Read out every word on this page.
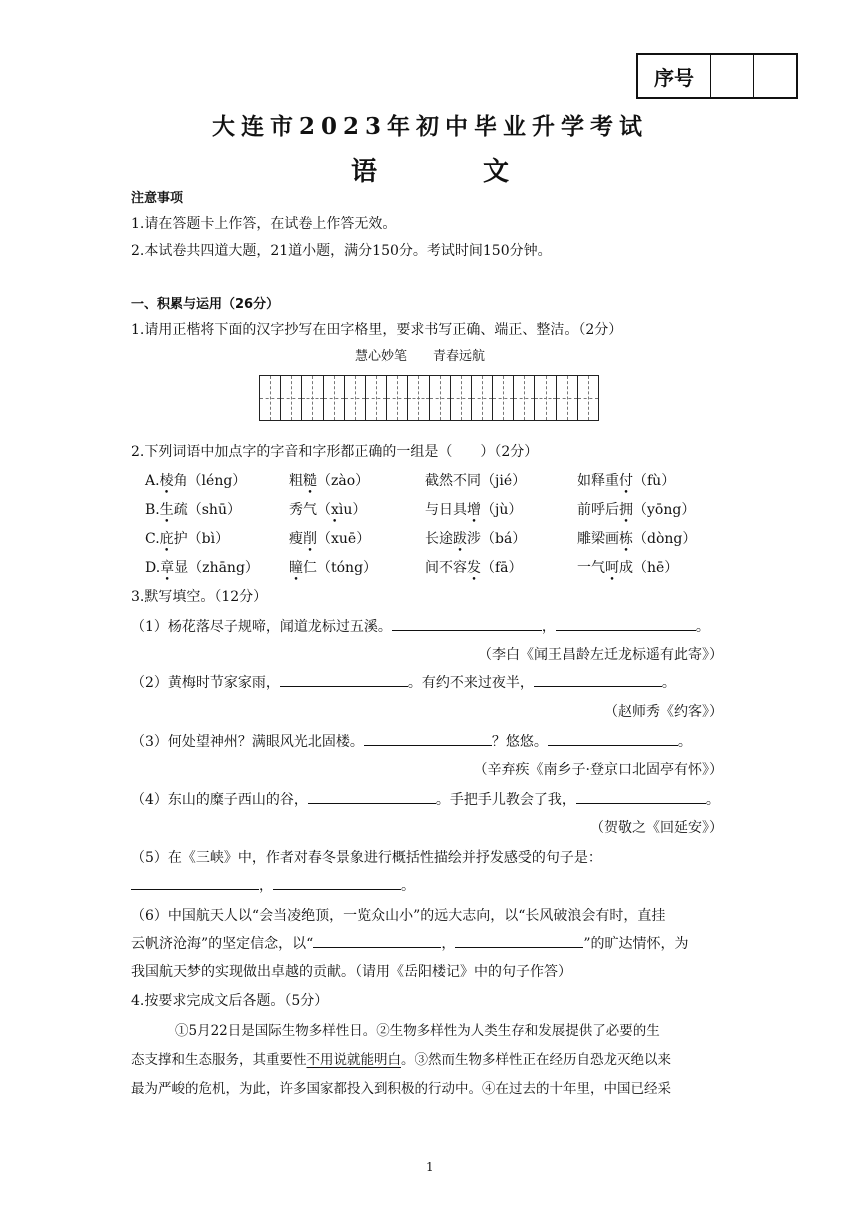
序号
大连市2023年初中毕业升学考试
语　文
注意事项
1.请在答题卡上作答，在试卷上作答无效。
2.本试卷共四道大题，21道小题，满分150分。考试时间150分钟。
一、积累与运用（26分）
1.请用正楷将下面的汉字抄写在田字格里，要求书写正确、端正、整洁。（2分）
慧心妙笔　　青春远航
2.下列词语中加点字的字音和字形都正确的一组是（　　）（2分）
A.棱角（léng）	粗糙（zào）	截然不同（jié）	如释重付（fù）
B.生疏（shū）	秀气（xìu） •	与日具增（jù）	前呼后拥（yōng）
C.庇护（bì）	瘦削（xuē）	长途跋涉（bá）	雕梁画栋（dòng）
D.章显（zhāng） 瞳仁（tóng）	间不容发（fā）	一气呵成（hē）
3.默写填空。（12分）
（1）杨花落尽子规啼，闻道龙标过五溪。	，	。
（李白《闻王昌龄左迁龙标遥有此寄》）
（2）黄梅时节家家雨，	。有约不来过夜半，	。
（赵师秀《约客》）
（3）何处望神州？满眼风光北固楼。	？悠悠。	。
（辛弃疾《南乡子·登京口北固亭有怀》）
（4）东山的糜子西山的谷，	。手把手儿教会了我，	。
（贺敬之《回延安》）
（5）在《三峡》中，作者对春冬景象进行概括性描绘并抒发感受的句子是：
，	。
（6）中国航天人以“会当凌绝顶，一览众山小”的远大志向，以“长风破浪会有时，直挂
云帆济沧海”的坚定信念，以“	，	”的旷达情怀，为
我国航天梦的实现做出卓越的贡献。（请用《岳阳楼记》中的句子作答）
4.按要求完成文后各题。（5分）
①5月22日是国际生物多样性日。②生物多样性为人类生存和发展提供了必要的生
态支撑和生态服务，其重要性不用说就能明白。③然而生物多样性正在经历自恐龙灭绝以来
最为严峻的危机，为此，许多国家都投入到积极的行动中。④在过去的十年里，中国已经采
1
